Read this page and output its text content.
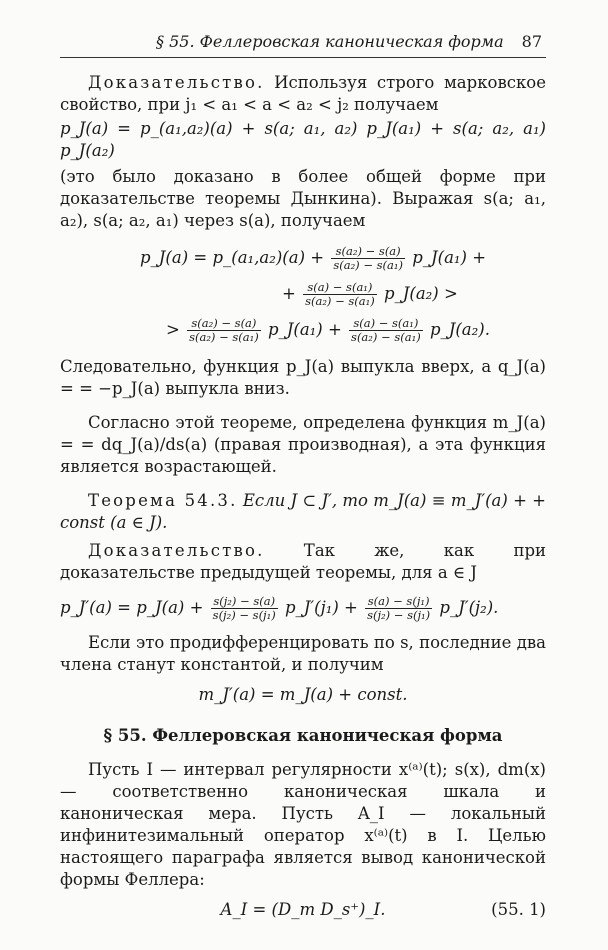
§ 55. Феллеровская каноническая форма 87

Доказательство. Используя строго марковское свойство, при j₁ < a₁ < a < a₂ < j₂ получаем

p_J(a) = p_(a₁,a₂)(a) + s(a; a₁, a₂) p_J(a₁) + s(a; a₂, a₁) p_J(a₂)

(это было доказано в более общей форме при доказательстве теоремы Дынкина). Выражая s(a; a₁, a₂), s(a; a₂, a₁) через s(a), получаем

p_J(a) = p_(a₁,a₂)(a) + $\frac{\text{s(a₂) − s(a)}}{\text{s(a₂) − s(a₁)}}$ p_J(a₁) +
+ $\frac{\text{s(a) − s(a₁)}}{\text{s(a₂) − s(a₁)}}$ p_J(a₂) >
> $\frac{\text{s(a₂) − s(a)}}{\text{s(a₂) − s(a₁)}}$ p_J(a₁) + $\frac{\text{s(a) − s(a₁)}}{\text{s(a₂) − s(a₁)}}$ p_J(a₂).

Следовательно, функция p_J(a) выпукла вверх, а q_J(a) = = −p_J(a) выпукла вниз.

Согласно этой теореме, определена функция m_J(a) = = dq_J(a)/ds(a) (правая производная), а эта функция является возрастающей.

Теорема 54.3. Если J ⊂ J′, то m_J(a) ≡ m_J′(a) + + const (a ∈ J).

Доказательство. Так же, как при доказательстве предыдущей теоремы, для a ∈ J

p_J′(a) = p_J(a) + $\frac{\text{s(j₂) − s(a)}}{\text{s(j₂) − s(j₁)}}$ p_J′(j₁) + $\frac{\text{s(a) − s(j₁)}}{\text{s(j₂) − s(j₁)}}$ p_J′(j₂).

Если это продифференцировать по s, последние два члена станут константой, и получим

m_J′(a) = m_J(a) + const.

§ 55. Феллеровская каноническая форма

Пусть I — интервал регулярности x⁽ᵃ⁾(t); s(x), dm(x) — соответственно каноническая шкала и каноническая мера. Пусть A_I — локальный инфинитезимальный оператор x⁽ᵃ⁾(t) в I. Целью настоящего параграфа является вывод канонической формы Феллера:

A_I = (D_m D_s⁺)_I.	(55. 1)
